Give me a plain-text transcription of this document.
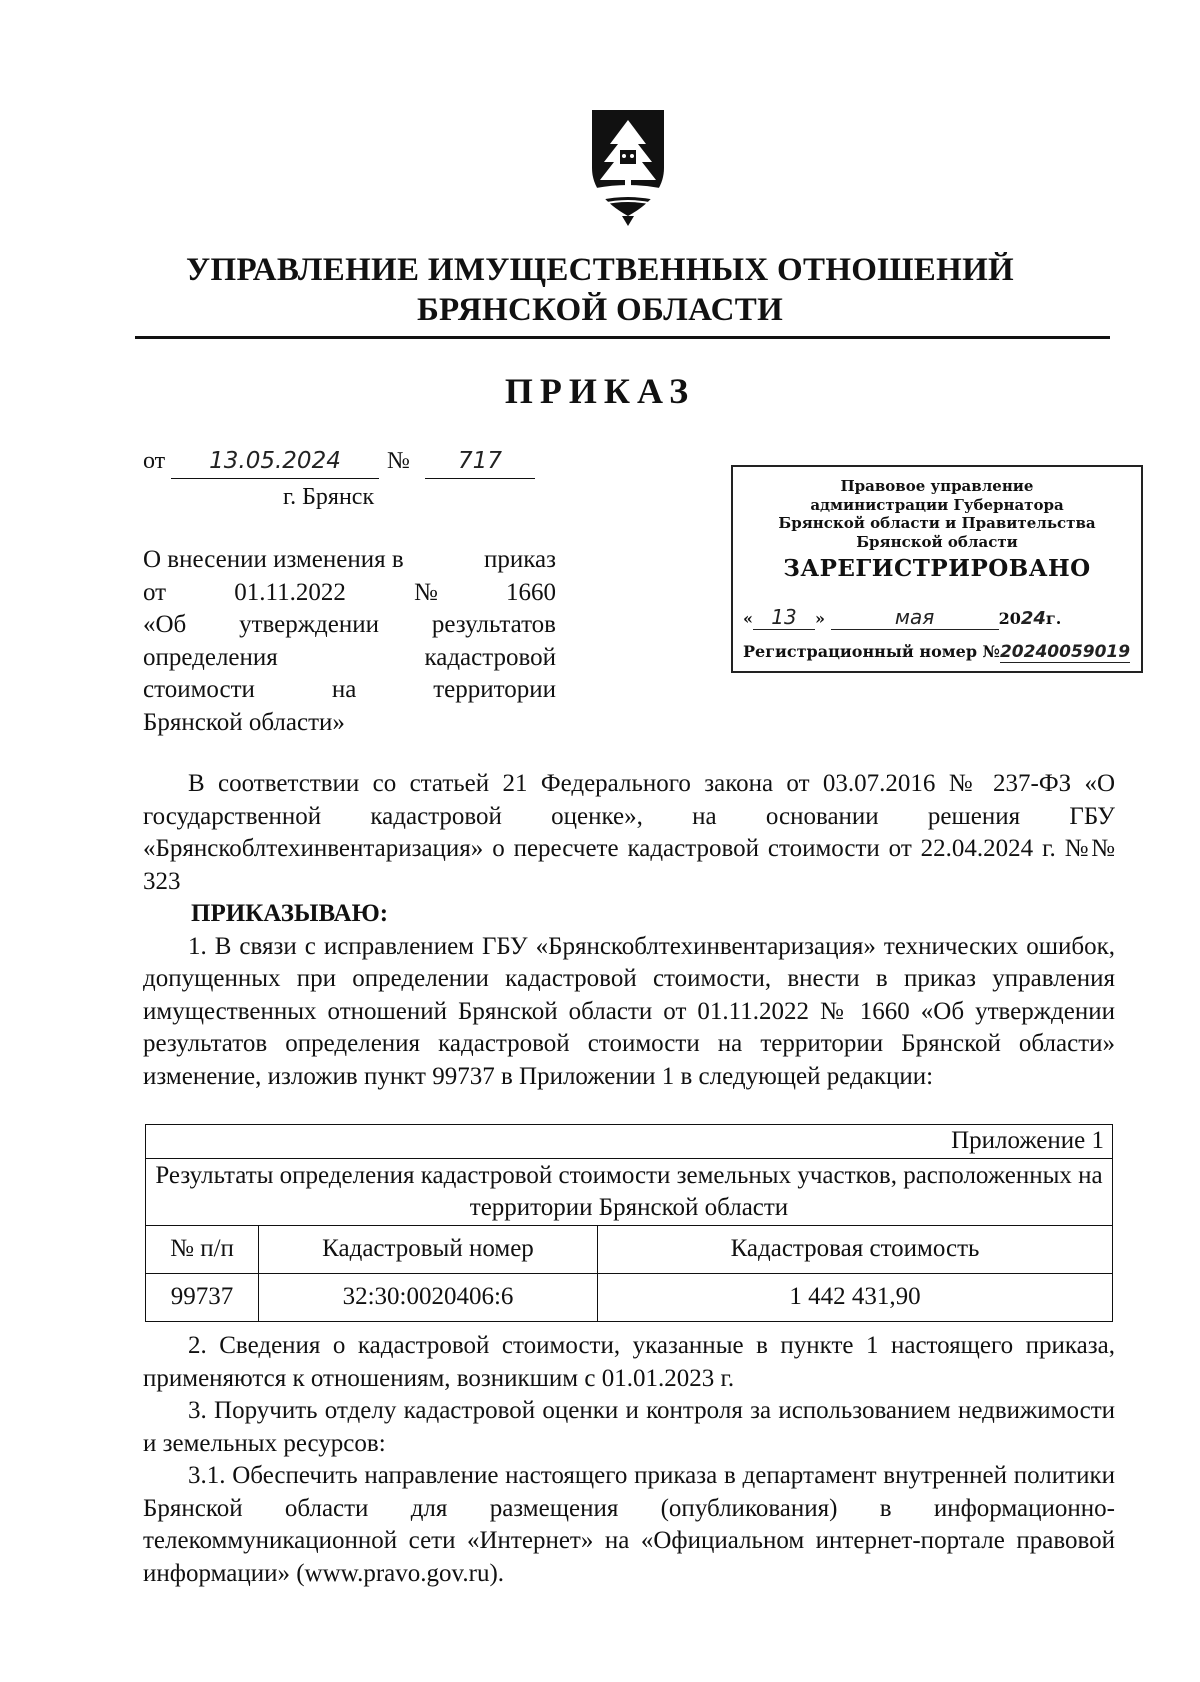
УПРАВЛЕНИЕ ИМУЩЕСТВЕННЫХ ОТНОШЕНИЙ
БРЯНСКОЙ ОБЛАСТИ
ПРИКАЗ
от	13.05.2024	№	717
г. Брянск
О внесении изменения в	приказ
от	01.11.2022	№	1660
«Об утверждении результатов
определения	кадастровой
стоимости	на	территории
Брянской области»
Правовое управление
администрации Губернатора
Брянской области и Правительства
Брянской области
ЗАРЕГИСТРИРОВАНО
« 13 »	мая	2024г.
Регистрационный номер №20240059019

В соответствии со статьей 21 Федерального закона от 03.07.2016 № 237-ФЗ «О государственной кадастровой оценке», на основании решения ГБУ «Брянскоблтехинвентаризация» о пересчете кадастровой стоимости от 22.04.2024 г. №№ 323

ПРИКАЗЫВАЮ:

1. В связи с исправлением ГБУ «Брянскоблтехинвентаризация» технических ошибок, допущенных при определении кадастровой стоимости, внести в приказ управления имущественных отношений Брянской области от 01.11.2022 № 1660 «Об утверждении результатов определения кадастровой стоимости на территории Брянской области» изменение, изложив пункт 99737 в Приложении 1 в следующей редакции:

Приложение 1		
Результаты определения кадастровой стоимости земельных участков, расположенных на территории Брянской области		
№ п/п	Кадастровый номер	Кадастровая стоимость
99737	32:30:0020406:6	1 442 431,90

2. Сведения о кадастровой стоимости, указанные в пункте 1 настоящего приказа, применяются к отношениям, возникшим с 01.01.2023 г.

3. Поручить отделу кадастровой оценки и контроля за использованием недвижимости и земельных ресурсов:

3.1. Обеспечить направление настоящего приказа в департамент внутренней политики Брянской области для размещения (опубликования) в информационно-телекоммуникационной сети «Интернет» на «Официальном интернет-портале правовой информации» (www.pravo.gov.ru).
